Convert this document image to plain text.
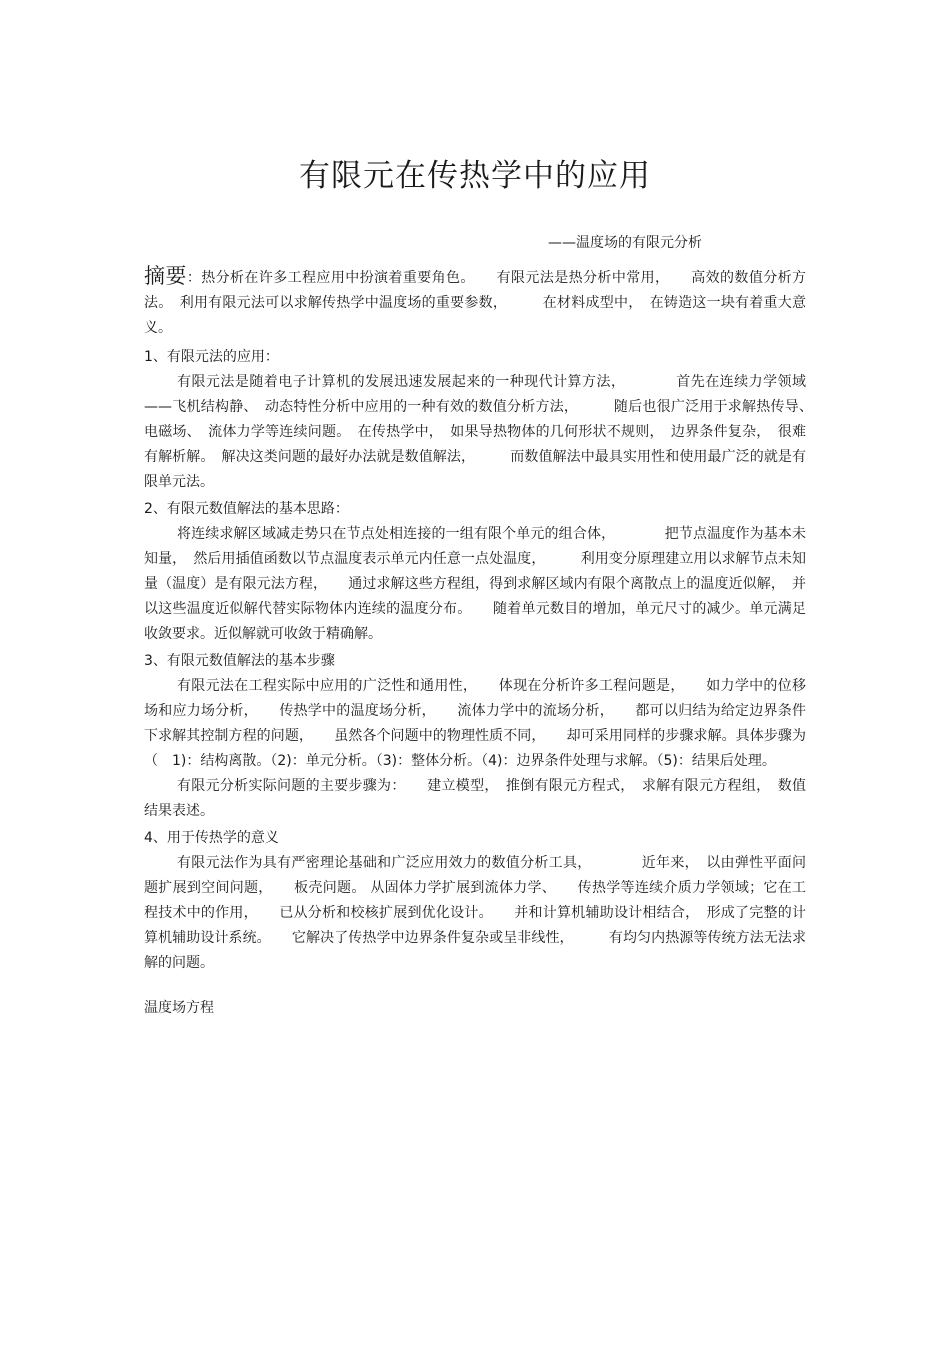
有限元在传热学中的应用
——温度场的有限元分析

摘要：热分析在许多工程应用中扮演着重要角色。　　有限元法是热分析中常用，　　高效的数值分析方法。　利用有限元法可以求解传热学中温度场的重要参数，　　　在材料成型中，　在铸造这一块有着重大意义。

1、有限元法的应用：

有限元法是随着电子计算机的发展迅速发展起来的一种现代计算方法，　　　　首先在连续力学领域——飞机结构静、　动态特性分析中应用的一种有效的数值分析方法，　　　随后也很广泛用于求解热传导、　电磁场、　流体力学等连续问题。　在传热学中，　如果导热物体的几何形状不规则，　边界条件复杂，　很难有解析解。　解决这类问题的最好办法就是数值解法，　　　而数值解法中最具实用性和使用最广泛的就是有限单元法。

2、有限元数值解法的基本思路：

将连续求解区域减走势只在节点处相连接的一组有限个单元的组合体，　　　　把节点温度作为基本未知量，　然后用插值函数以节点温度表示单元内任意一点处温度，　　　利用变分原理建立用以求解节点未知量（温度）是有限元法方程，　　通过求解这些方程组，得到求解区域内有限个离散点上的温度近似解，　并以这些温度近似解代替实际物体内连续的温度分布。　　随着单元数目的增加，单元尺寸的减少。单元满足收敛要求。近似解就可收敛于精确解。

3、有限元数值解法的基本步骤

有限元法在工程实际中应用的广泛性和通用性，　　体现在分析许多工程问题是，　　如力学中的位移场和应力场分析，　　传热学中的温度场分析，　　流体力学中的流场分析，　　都可以归结为给定边界条件下求解其控制方程的问题，　　虽然各个问题中的物理性质不同，　　却可采用同样的步骤求解。具体步骤为（　1)：结构离散。（2)：单元分析。（3)：整体分析。（4)：边界条件处理与求解。（5)：结果后处理。

有限元分析实际问题的主要步骤为：　　建立模型，　推倒有限元方程式，　求解有限元方程组，　数值结果表述。

4、用于传热学的意义

有限元法作为具有严密理论基础和广泛应用效力的数值分析工具，　　　　近年来，　以由弹性平面问题扩展到空间问题，　　板壳问题。 从固体力学扩展到流体力学、　　传热学等连续介质力学领域；它在工程技术中的作用，　　已从分析和校核扩展到优化设计。　　并和计算机辅助设计相结合，　形成了完整的计算机辅助设计系统。　　它解决了传热学中边界条件复杂或呈非线性，　　　有均匀内热源等传统方法无法求解的问题。

温度场方程
